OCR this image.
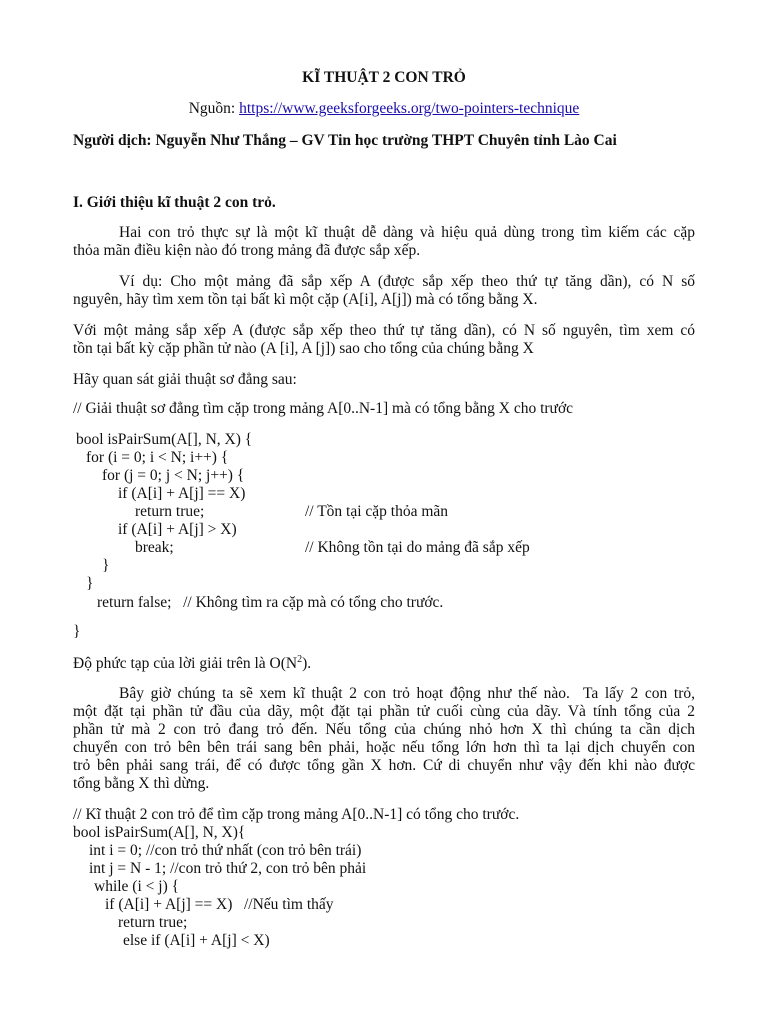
KĨ THUẬT 2 CON TRỎ
Nguồn: https://www.geeksforgeeks.org/two-pointers-technique
Người dịch: Nguyễn Như Thắng – GV Tin học trường THPT Chuyên tỉnh Lào Cai
I. Giới thiệu kĩ thuật 2 con trỏ.
Hai con trỏ thực sự là một kĩ thuật dễ dàng và hiệu quả dùng trong tìm kiếm các cặp
thỏa mãn điều kiện nào đó trong mảng đã được sắp xếp.
Ví dụ: Cho một mảng đã sắp xếp A (được sắp xếp theo thứ tự tăng dần), có N số
nguyên, hãy tìm xem tồn tại bất kì một cặp (A[i], A[j]) mà có tổng bằng X.
Với một mảng sắp xếp A (được sắp xếp theo thứ tự tăng dần), có N số nguyên, tìm xem có
tồn tại bất kỳ cặp phần tử nào (A [i], A [j]) sao cho tổng của chúng bằng X
Hãy quan sát giải thuật sơ đẳng sau:
// Giải thuật sơ đẳng tìm cặp trong mảng A[0..N-1] mà có tổng bằng X cho trước
bool isPairSum(A[], N, X) {
for (i = 0; i < N; i++) {
for (j = 0; j < N; j++) {
if (A[i] + A[j] == X)
return true;	// Tồn tại cặp thỏa mãn
if (A[i] + A[j] > X)
break;	// Không tồn tại do mảng đã sắp xếp
}
}
return false;   // Không tìm ra cặp mà có tổng cho trước.
}
Độ phức tạp của lời giải trên là $O(N^2)$.
Bây giờ chúng ta sẽ xem kĩ thuật 2 con trỏ hoạt động như thế nào.  Ta lấy 2 con trỏ,
một đặt tại phần tử đầu của dãy, một đặt tại phần tử cuối cùng của dãy. Và tính tổng của 2
phần tử mà 2 con trỏ đang trỏ đến. Nếu tổng của chúng nhỏ hơn X thì chúng ta cần dịch
chuyển con trỏ bên bên trái sang bên phải, hoặc nếu tổng lớn hơn thì ta lại dịch chuyển con
trỏ bên phải sang trái, để có được tổng gần X hơn. Cứ di chuyển như vậy đến khi nào được
tổng bằng X thì dừng.
// Kĩ thuật 2 con trỏ để tìm cặp trong mảng A[0..N-1] có tổng cho trước.
bool isPairSum(A[], N, X){
int i = 0; //con trỏ thứ nhất (con trỏ bên trái)
int j = N - 1; //con trỏ thứ 2, con trỏ bên phải
while (i < j) {
if (A[i] + A[j] == X)   //Nếu tìm thấy
return true;
else if (A[i] + A[j] < X)
